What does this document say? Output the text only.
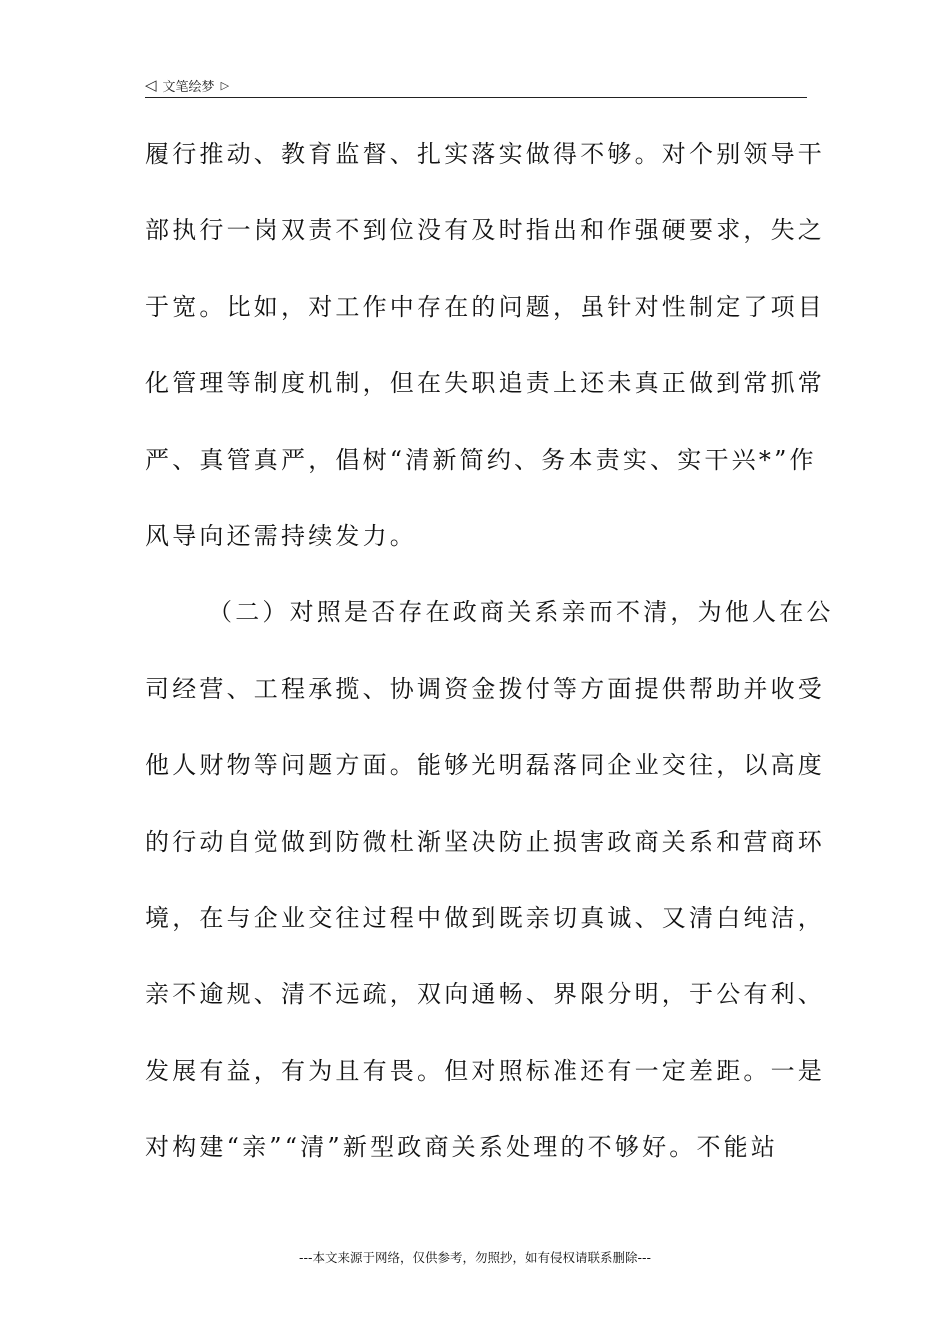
◁ 文笔绘梦 ▷
履行推动、教育监督、扎实落实做得不够。对个别领导干
部执行一岗双责不到位没有及时指出和作强硬要求，失之
于宽。比如，对工作中存在的问题，虽针对性制定了项目
化管理等制度机制，但在失职追责上还未真正做到常抓常
严、真管真严，倡树“清新简约、务本责实、实干兴*”作
风导向还需持续发力。
（二）对照是否存在政商关系亲而不清，为他人在公
司经营、工程承揽、协调资金拨付等方面提供帮助并收受
他人财物等问题方面。能够光明磊落同企业交往，以高度
的行动自觉做到防微杜渐坚决防止损害政商关系和营商环
境，在与企业交往过程中做到既亲切真诚、又清白纯洁，
亲不逾规、清不远疏，双向通畅、界限分明，于公有利、
发展有益，有为且有畏。但对照标准还有一定差距。一是
对构建“亲”“清”新型政商关系处理的不够好。不能站
---本文来源于网络，仅供参考，勿照抄，如有侵权请联系删除---
